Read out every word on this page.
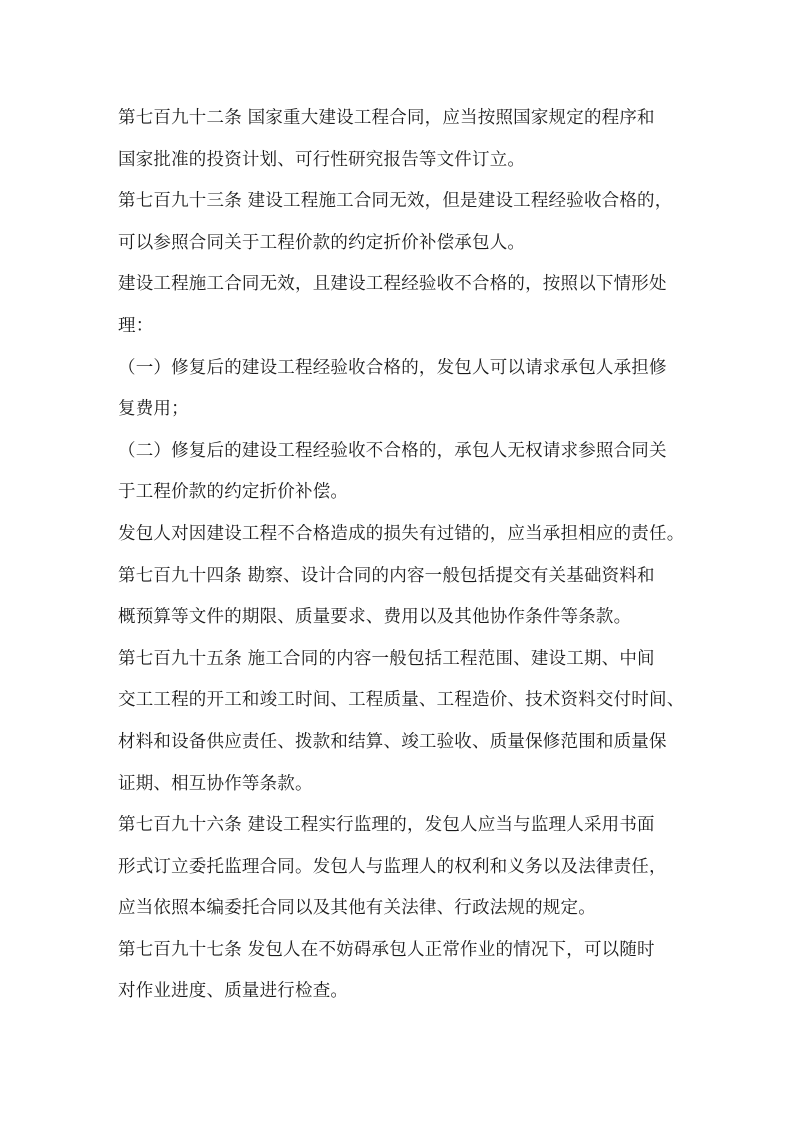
第七百九十二条 国家重大建设工程合同，应当按照国家规定的程序和
国家批准的投资计划、可行性研究报告等文件订立。
第七百九十三条 建设工程施工合同无效，但是建设工程经验收合格的，
可以参照合同关于工程价款的约定折价补偿承包人。
建设工程施工合同无效，且建设工程经验收不合格的，按照以下情形处
理：
（一）修复后的建设工程经验收合格的，发包人可以请求承包人承担修
复费用；
（二）修复后的建设工程经验收不合格的，承包人无权请求参照合同关
于工程价款的约定折价补偿。
发包人对因建设工程不合格造成的损失有过错的，应当承担相应的责任。
第七百九十四条 勘察、设计合同的内容一般包括提交有关基础资料和
概预算等文件的期限、质量要求、费用以及其他协作条件等条款。
第七百九十五条 施工合同的内容一般包括工程范围、建设工期、中间
交工工程的开工和竣工时间、工程质量、工程造价、技术资料交付时间、
材料和设备供应责任、拨款和结算、竣工验收、质量保修范围和质量保
证期、相互协作等条款。
第七百九十六条 建设工程实行监理的，发包人应当与监理人采用书面
形式订立委托监理合同。发包人与监理人的权利和义务以及法律责任，
应当依照本编委托合同以及其他有关法律、行政法规的规定。
第七百九十七条 发包人在不妨碍承包人正常作业的情况下，可以随时
对作业进度、质量进行检查。
